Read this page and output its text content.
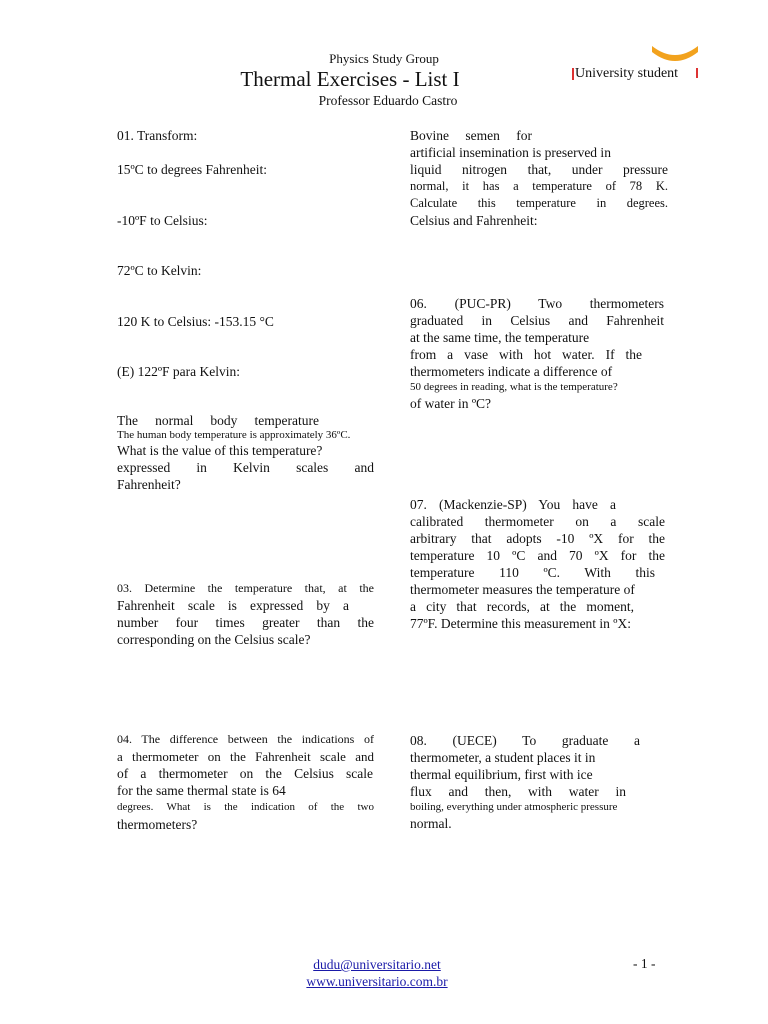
Physics Study Group
Thermal Exercises - List I
Professor Eduardo Castro
University student
01. Transform:
15ºC to degrees Fahrenheit:
-10ºF to Celsius:
72ºC to Kelvin:
120 K to Celsius: -153.15 °C
(E) 122ºF para Kelvin:

The normal body temperature

The human body temperature is approximately 36ºC.

What is the value of this temperature?

expressed in Kelvin scales and

Fahrenheit?

03. Determine the temperature that, at the

Fahrenheit scale is expressed by a

number four times greater than the

corresponding on the Celsius scale?

04. The difference between the indications of

a thermometer on the Fahrenheit scale and

of a thermometer on the Celsius scale

for the same thermal state is 64

degrees. What is the indication of the two

thermometers?

Bovine semen for

artificial insemination is preserved in

liquid nitrogen that, under pressure

normal, it has a temperature of 78 K.

Calculate this temperature in degrees.

Celsius and Fahrenheit:

06. (PUC-PR) Two thermometers

graduated in Celsius and Fahrenheit

at the same time, the temperature

from a vase with hot water. If the

thermometers indicate a difference of

50 degrees in reading, what is the temperature?

of water in ºC?

07. (Mackenzie-SP) You have a

calibrated thermometer on a scale

arbitrary that adopts -10 ºX for the

temperature 10 ºC and 70 ºX for the

temperature 110 ºC. With this

thermometer measures the temperature of

a city that records, at the moment,

77ºF. Determine this measurement in ºX:

08. (UECE) To graduate a

thermometer, a student places it in

thermal equilibrium, first with ice

flux and then, with water in

boiling, everything under atmospheric pressure

normal.

dudu@universitario.net
www.universitario.com.br
- 1 -
